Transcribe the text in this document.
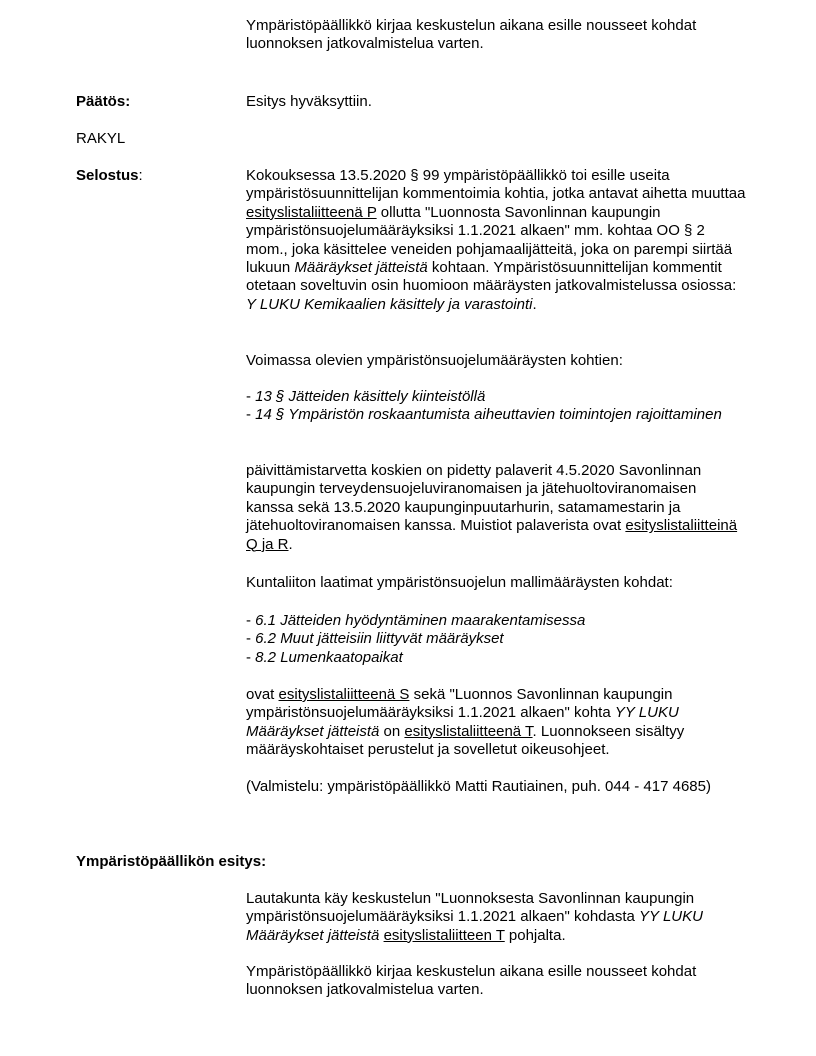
Ympäristöpäällikkö kirjaa keskustelun aikana esille nousseet kohdat luonnoksen jatkovalmistelua varten.

Päätös:	Esitys hyväksyttiin.
RAKYL
Selostus:	Kokouksessa 13.5.2020 § 99 ympäristöpäällikkö toi esille useita ympäristösuunnittelijan kommentoimia kohtia, jotka antavat aihetta muuttaa esityslistaliitteenä P ollutta "Luonnosta Savonlinnan kaupungin ympäristönsuojelumääräyksiksi 1.1.2021 alkaen" mm. kohtaa OO § 2 mom., joka käsittelee veneiden pohjamaalijätteitä, joka on parempi siirtää lukuun Määräykset jätteistä kohtaan. Ympäristösuunnittelijan kommentit otetaan soveltuvin osin huomioon määräysten jatkovalmistelussa osiossa: Y LUKU Kemikaalien käsittely ja varastointi.

Voimassa olevien ympäristönsuojelumääräysten kohtien:

- 13 § Jätteiden käsittely kiinteistöllä

- 14 § Ympäristön roskaantumista aiheuttavien toimintojen rajoittaminen

päivittämistarvetta koskien on pidetty palaverit 4.5.2020 Savonlinnan kaupungin terveydensuojeluviranomaisen ja jätehuoltoviranomaisen kanssa sekä 13.5.2020 kaupunginpuutarhurin, satamamestarin ja jätehuoltoviranomaisen kanssa. Muistiot palaverista ovat esityslistaliitteinä Q ja R.

Kuntaliiton laatimat ympäristönsuojelun mallimääräysten kohdat:

- 6.1 Jätteiden hyödyntäminen maarakentamisessa

- 6.2 Muut jätteisiin liittyvät määräykset

- 8.2 Lumenkaatopaikat

ovat esityslistaliitteenä S sekä "Luonnos Savonlinnan kaupungin ympäristönsuojelumääräyksiksi 1.1.2021 alkaen" kohta YY LUKU Määräykset jätteistä on esityslistaliitteenä T. Luonnokseen sisältyy määräyskohtaiset perustelut ja sovelletut oikeusohjeet.

(Valmistelu: ympäristöpäällikkö Matti Rautiainen, puh. 044 - 417 4685)
Ympäristöpäällikön esitys:

Lautakunta käy keskustelun "Luonnoksesta Savonlinnan kaupungin ympäristönsuojelumääräyksiksi 1.1.2021 alkaen" kohdasta YY LUKU Määräykset jätteistä esityslistaliitteen T pohjalta.

Ympäristöpäällikkö kirjaa keskustelun aikana esille nousseet kohdat luonnoksen jatkovalmistelua varten.
